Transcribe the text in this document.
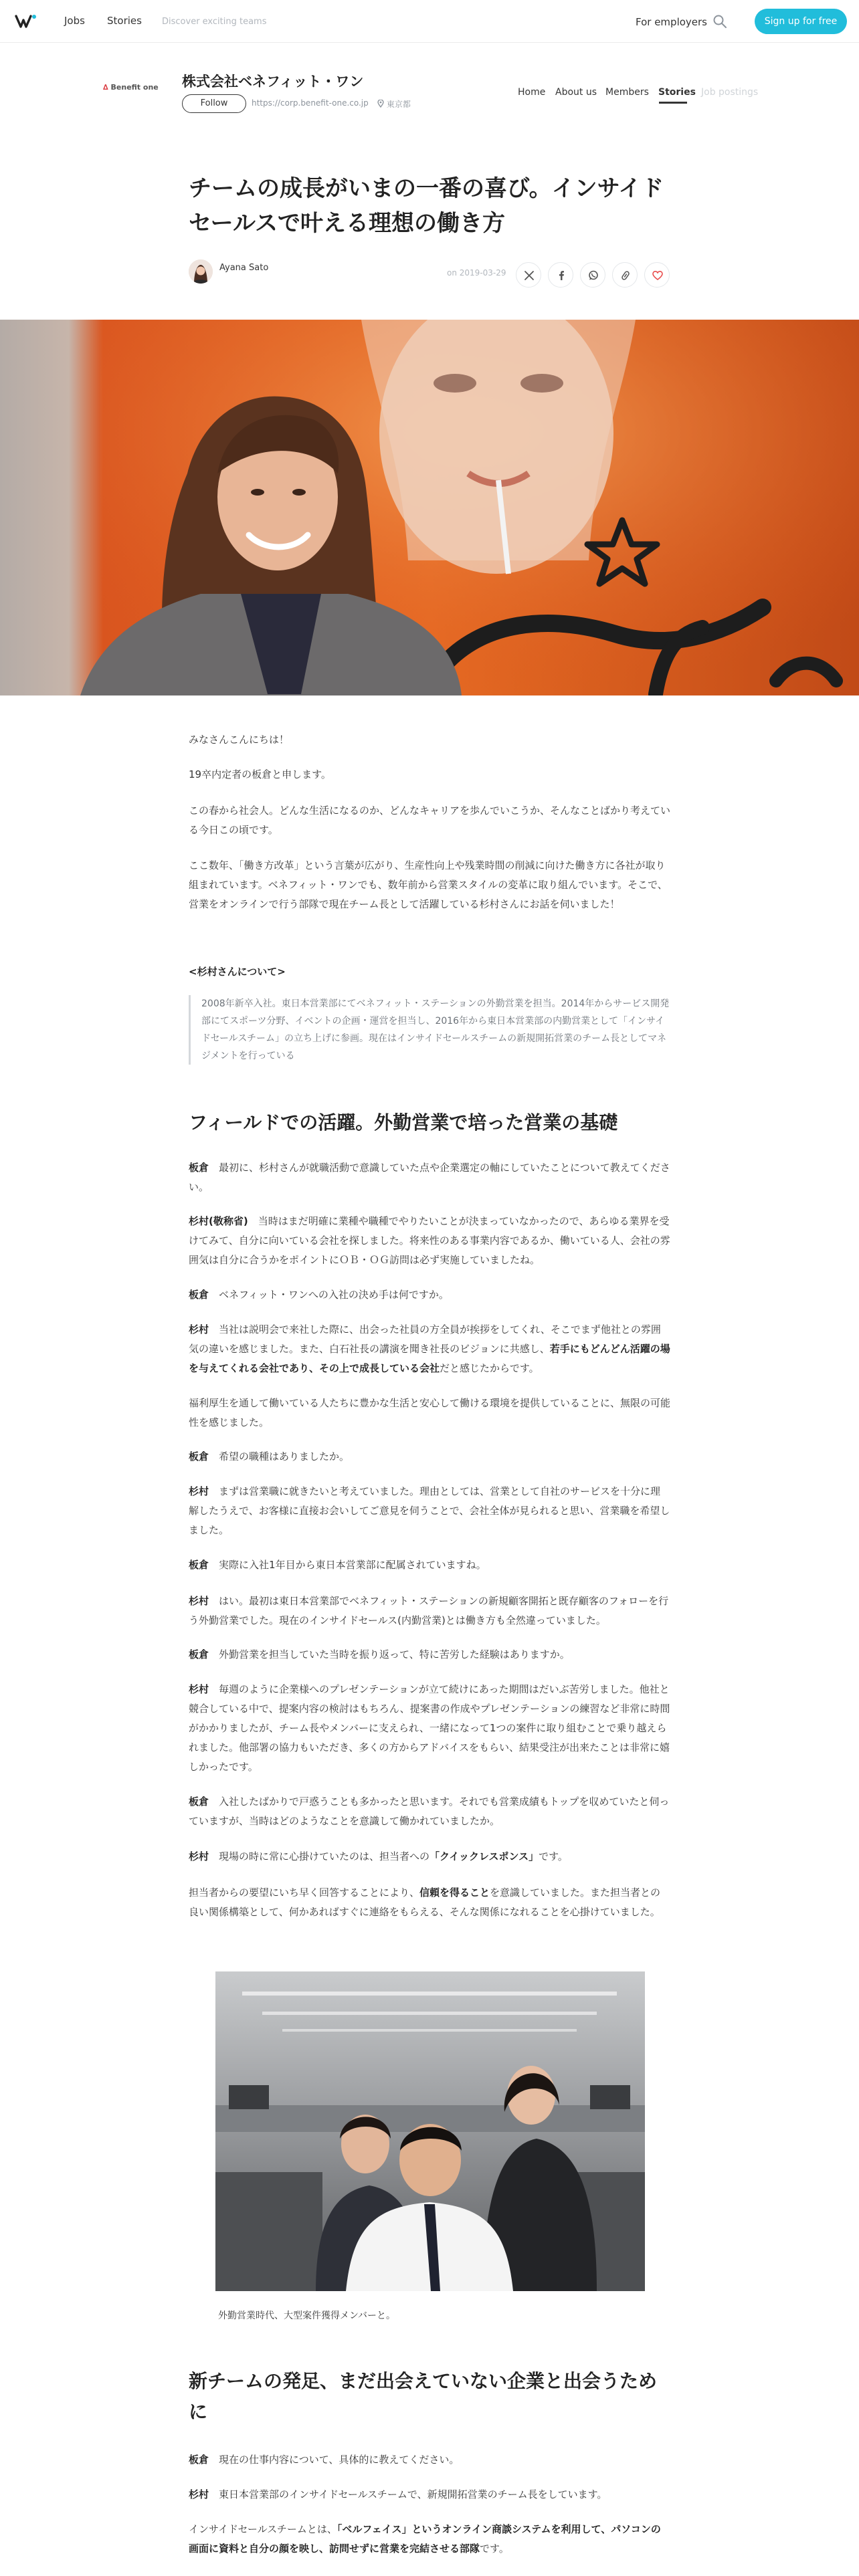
Jobs Stories Discover exciting teams	For employers	Sign up for free
∆ Benefit one	株式会社ベネフィット・ワン
Follow	https://corp.benefit-one.co.jp	東京都
Home About us Members Stories Job postings
チームの成長がいまの一番の喜び。インサイドセールスで叶える理想の働き方
Ayana Sato	on 2019-03-29

みなさんこんにちは！

19卒内定者の板倉と申します。

この春から社会人。どんな生活になるのか、どんなキャリアを歩んでいこうか、そんなことばかり考えている今日この頃です。

ここ数年、「働き方改革」という言葉が広がり、生産性向上や残業時間の削減に向けた働き方に各社が取り組まれています。ベネフィット・ワンでも、数年前から営業スタイルの変革に取り組んでいます。そこで、営業をオンラインで行う部隊で現在チーム長として活躍している杉村さんにお話を伺いました！

<杉村さんについて>
2008年新卒入社。東日本営業部にてベネフィット・ステーションの外勤営業を担当。2014年からサービス開発部にてスポーツ分野、イベントの企画・運営を担当し、2016年から東日本営業部の内勤営業として「インサイドセールスチーム」の立ち上げに参画。現在はインサイドセールスチームの新規開拓営業のチーム長としてマネジメントを行っている
フィールドでの活躍。外勤営業で培った営業の基礎

板倉　 最初に、杉村さんが就職活動で意識していた点や企業選定の軸にしていたことについて教えてください。

杉村(敬称省)　 当時はまだ明確に業種や職種でやりたいことが決まっていなかったので、あらゆる業界を受けてみて、自分に向いている会社を探しました。将来性のある事業内容であるか、働いている人、会社の雰囲気は自分に合うかをポイントにＯＢ・ＯＧ訪問は必ず実施していましたね。

板倉　 ベネフィット・ワンへの入社の決め手は何ですか。

杉村　 当社は説明会で来社した際に、出会った社員の方全員が挨拶をしてくれ、そこでまず他社との雰囲気の違いを感じました。また、白石社長の講演を聞き社長のビジョンに共感し、若手にもどんどん活躍の場を与えてくれる会社であり、その上で成長している会社だと感じたからです。

福利厚生を通して働いている人たちに豊かな生活と安心して働ける環境を提供していることに、無限の可能性を感じました。

板倉　 希望の職種はありましたか。

杉村　 まずは営業職に就きたいと考えていました。理由としては、営業として自社のサービスを十分に理解したうえで、お客様に直接お会いしてご意見を伺うことで、会社全体が見られると思い、営業職を希望しました。

板倉　 実際に入社1年目から東日本営業部に配属されていますね。

杉村　 はい。最初は東日本営業部でベネフィット・ステーションの新規顧客開拓と既存顧客のフォローを行う外勤営業でした。現在のインサイドセールス(内勤営業)とは働き方も全然違っていました。

板倉　 外勤営業を担当していた当時を振り返って、特に苦労した経験はありますか。

杉村　 毎週のように企業様へのプレゼンテーションが立て続けにあった期間はだいぶ苦労しました。他社と競合している中で、提案内容の検討はもちろん、提案書の作成やプレゼンテーションの練習など非常に時間がかかりましたが、チーム長やメンバーに支えられ、一緒になって1つの案件に取り組むことで乗り越えられました。他部署の協力もいただき、多くの方からアドバイスをもらい、結果受注が出来たことは非常に嬉しかったです。

板倉　 入社したばかりで戸惑うことも多かったと思います。それでも営業成績もトップを収めていたと伺っていますが、当時はどのようなことを意識して働かれていましたか。

杉村　 現場の時に常に心掛けていたのは、担当者への「クイックレスポンス」です。

担当者からの要望にいち早く回答することにより、信頼を得ることを意識していました。また担当者との良い関係構築として、何かあればすぐに連絡をもらえる、そんな関係になれることを心掛けていました。

外勤営業時代、大型案件獲得メンバーと。
新チームの発足、まだ出会えていない企業と出会うために

板倉　 現在の仕事内容について、具体的に教えてください。

杉村　 東日本営業部のインサイドセールスチームで、新規開拓営業のチーム長をしています。

インサイドセールスチームとは、「ベルフェイス」というオンライン商談システムを利用して、パソコンの画面に資料と自分の顔を映し、訪問せずに営業を完結させる部隊です。
